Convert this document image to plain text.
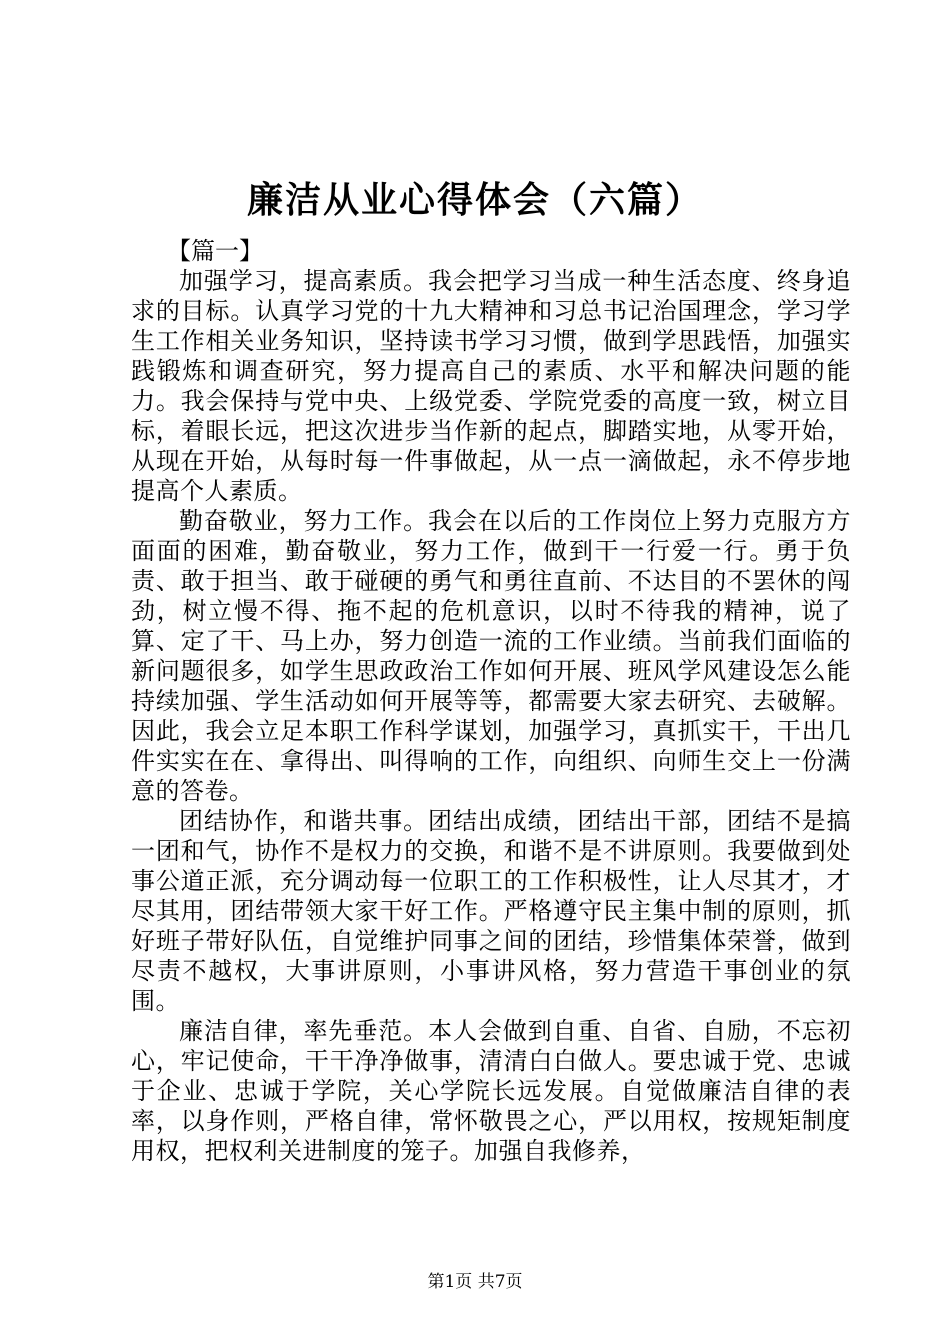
廉洁从业心得体会（六篇）

【篇一】

加强学习，提高素质。我会把学习当成一种生活态度、终身追求的目标。认真学习党的十九大精神和习总书记治国理念，学习学生工作相关业务知识，坚持读书学习习惯，做到学思践悟，加强实践锻炼和调查研究，努力提高自己的素质、水平和解决问题的能力。我会保持与党中央、上级党委、学院党委的高度一致，树立目标，着眼长远，把这次进步当作新的起点，脚踏实地，从零开始，从现在开始，从每时每一件事做起，从一点一滴做起，永不停步地提高个人素质。

勤奋敬业，努力工作。我会在以后的工作岗位上努力克服方方面面的困难，勤奋敬业，努力工作，做到干一行爱一行。勇于负责、敢于担当、敢于碰硬的勇气和勇往直前、不达目的不罢休的闯劲，树立慢不得、拖不起的危机意识，以时不待我的精神，说了算、定了干、马上办，努力创造一流的工作业绩。当前我们面临的新问题很多，如学生思政政治工作如何开展、班风学风建设怎么能持续加强、学生活动如何开展等等，都需要大家去研究、去破解。因此，我会立足本职工作科学谋划，加强学习，真抓实干，干出几件实实在在、拿得出、叫得响的工作，向组织、向师生交上一份满意的答卷。

团结协作，和谐共事。团结出成绩，团结出干部，团结不是搞一团和气，协作不是权力的交换，和谐不是不讲原则。我要做到处事公道正派，充分调动每一位职工的工作积极性，让人尽其才，才尽其用，团结带领大家干好工作。严格遵守民主集中制的原则，抓好班子带好队伍，自觉维护同事之间的团结，珍惜集体荣誉，做到尽责不越权，大事讲原则，小事讲风格，努力营造干事创业的氛围。

廉洁自律，率先垂范。本人会做到自重、自省、自励，不忘初心，牢记使命，干干净净做事，清清白白做人。要忠诚于党、忠诚于企业、忠诚于学院，关心学院长远发展。自觉做廉洁自律的表率，以身作则，严格自律，常怀敬畏之心，严以用权，按规矩制度用权，把权利关进制度的笼子。加强自我修养，

第1页 共7页
